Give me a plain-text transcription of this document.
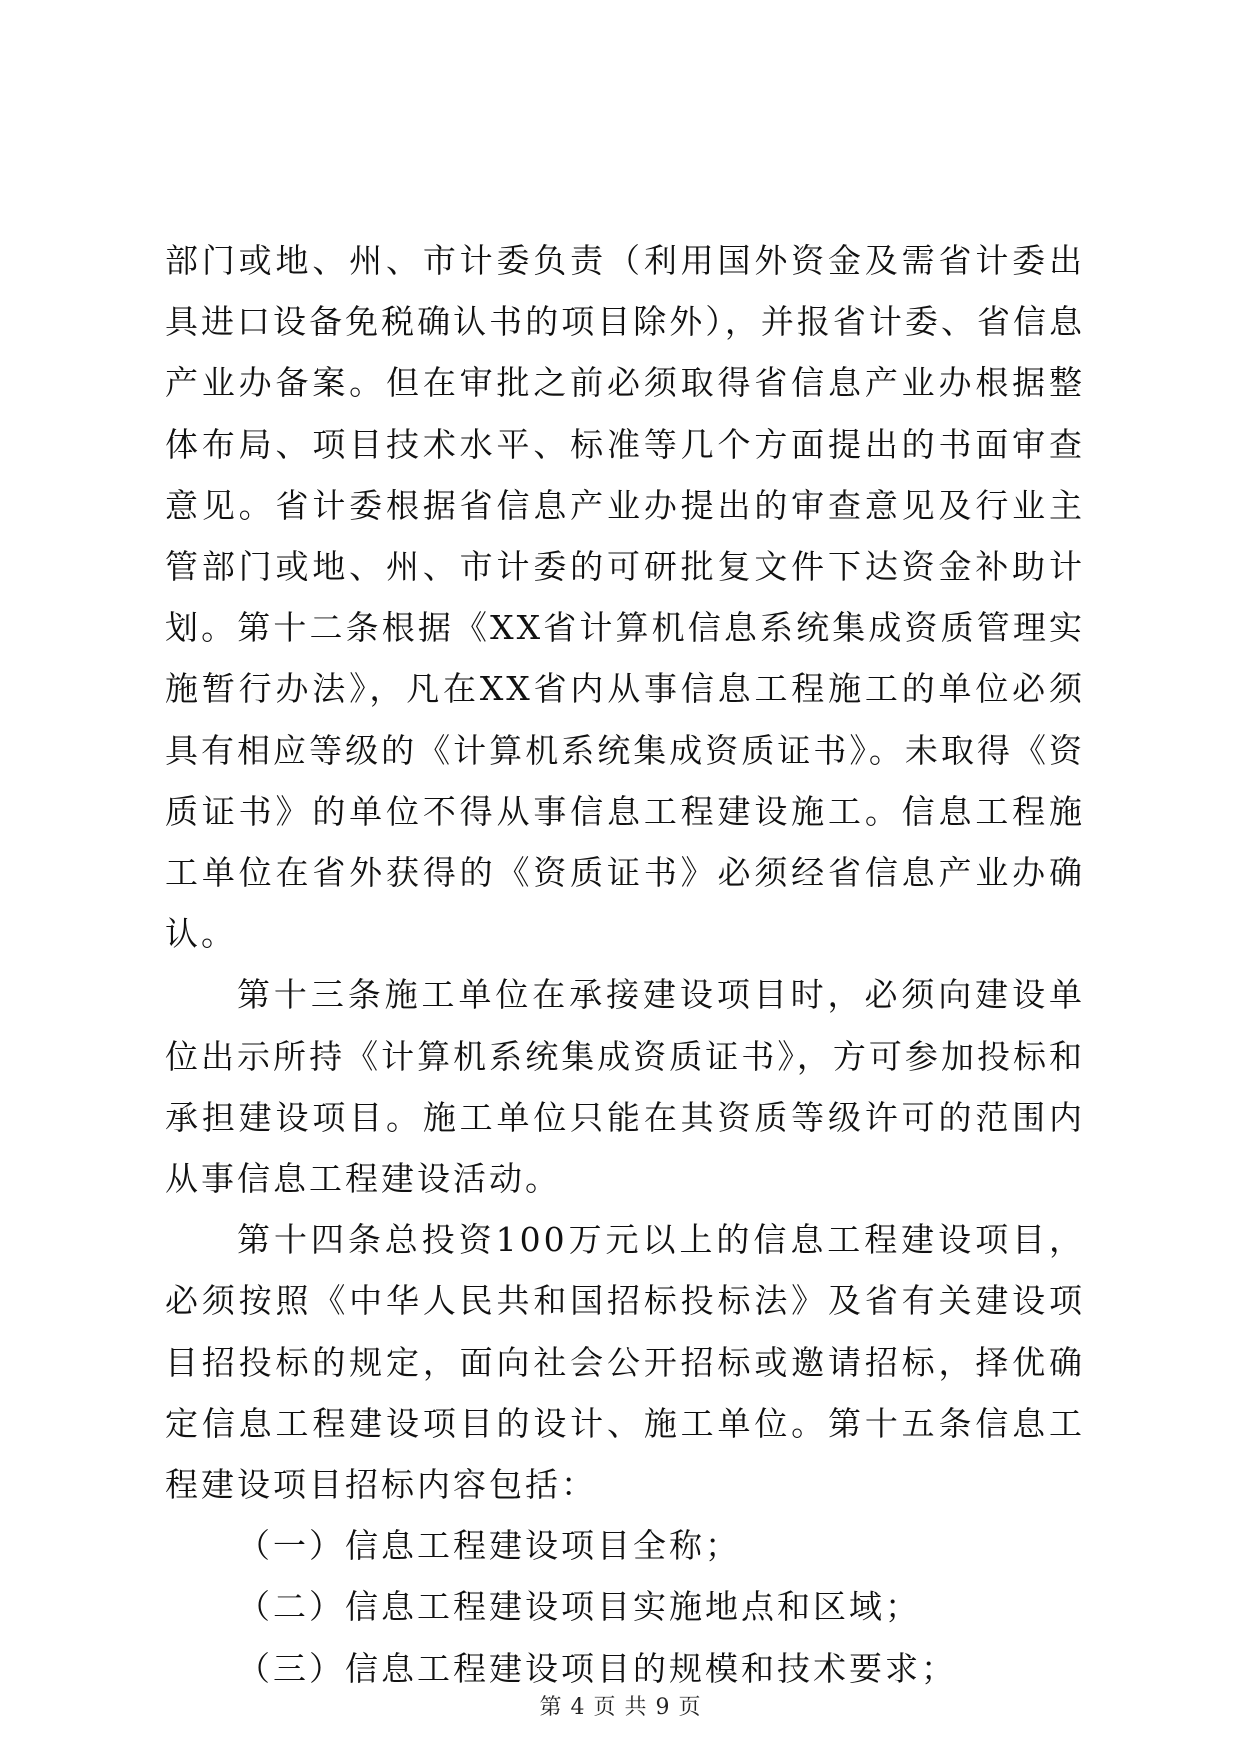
部门或地、州、市计委负责（利用国外资金及需省计委出具进口设备免税确认书的项目除外），并报省计委、省信息产业办备案。但在审批之前必须取得省信息产业办根据整体布局、项目技术水平、标准等几个方面提出的书面审查意见。省计委根据省信息产业办提出的审查意见及行业主管部门或地、州、市计委的可研批复文件下达资金补助计划。第十二条根据《XX省计算机信息系统集成资质管理实施暂行办法》，凡在XX省内从事信息工程施工的单位必须具有相应等级的《计算机系统集成资质证书》。未取得《资质证书》的单位不得从事信息工程建设施工。信息工程施工单位在省外获得的《资质证书》必须经省信息产业办确认。

第十三条施工单位在承接建设项目时，必须向建设单位出示所持《计算机系统集成资质证书》，方可参加投标和承担建设项目。施工单位只能在其资质等级许可的范围内从事信息工程建设活动。

第十四条总投资100万元以上的信息工程建设项目，必须按照《中华人民共和国招标投标法》及省有关建设项目招投标的规定，面向社会公开招标或邀请招标，择优确定信息工程建设项目的设计、施工单位。第十五条信息工程建设项目招标内容包括：

（一）信息工程建设项目全称；

（二）信息工程建设项目实施地点和区域；

（三）信息工程建设项目的规模和技术要求；

第 4 页 共 9 页
